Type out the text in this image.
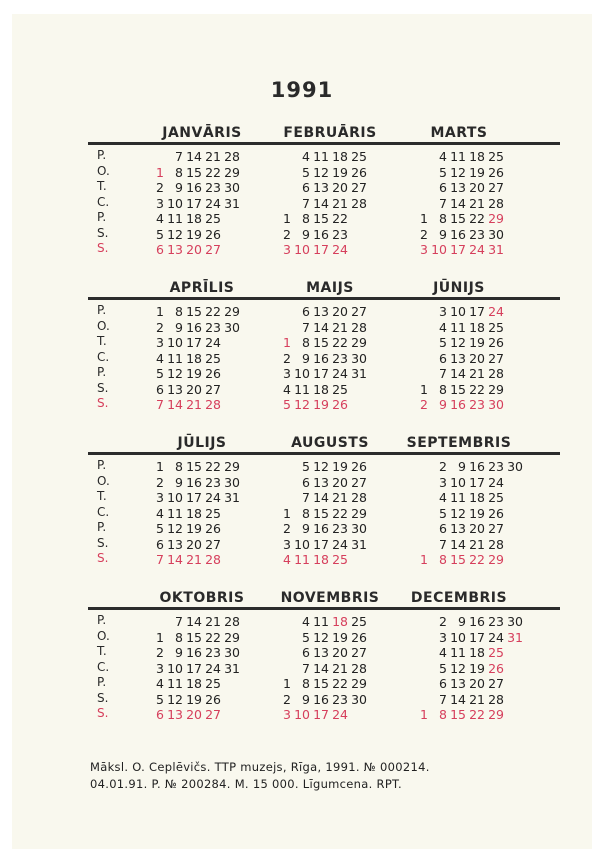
1991
P.
O.
T.
C.
P.
S.
S.
JANVĀRIS
7 14 21 28
1 8 15 22 29
2 9 16 23 30
3 10 17 24 31
4 11 18 25
5 12 19 26
6 13 20 27
FEBRUĀRIS
4 11 18 25
5 12 19 26
6 13 20 27
7 14 21 28
1 8 15 22
2 9 16 23
3 10 17 24
MARTS
4 11 18 25
5 12 19 26
6 13 20 27
7 14 21 28
1 8 15 22 29
2 9 16 23 30
3 10 17 24 31
P.
O.
T.
C.
P.
S.
S.
APRĪLIS
1 8 15 22 29
2 9 16 23 30
3 10 17 24
4 11 18 25
5 12 19 26
6 13 20 27
7 14 21 28
MAIJS
6 13 20 27
7 14 21 28
1 8 15 22 29
2 9 16 23 30
3 10 17 24 31
4 11 18 25
5 12 19 26
JŪNIJS
3 10 17 24
4 11 18 25
5 12 19 26
6 13 20 27
7 14 21 28
1 8 15 22 29
2 9 16 23 30
P.
O.
T.
C.
P.
S.
S.
JŪLIJS
1 8 15 22 29
2 9 16 23 30
3 10 17 24 31
4 11 18 25
5 12 19 26
6 13 20 27
7 14 21 28
AUGUSTS
5 12 19 26
6 13 20 27
7 14 21 28
1 8 15 22 29
2 9 16 23 30
3 10 17 24 31
4 11 18 25
SEPTEMBRIS
2 9 16 23 30
3 10 17 24
4 11 18 25
5 12 19 26
6 13 20 27
7 14 21 28
1 8 15 22 29
P.
O.
T.
C.
P.
S.
S.
OKTOBRIS
7 14 21 28
1 8 15 22 29
2 9 16 23 30
3 10 17 24 31
4 11 18 25
5 12 19 26
6 13 20 27
NOVEMBRIS
4 11 18 25
5 12 19 26
6 13 20 27
7 14 21 28
1 8 15 22 29
2 9 16 23 30
3 10 17 24
DECEMBRIS
2 9 16 23 30
3 10 17 24 31
4 11 18 25
5 12 19 26
6 13 20 27
7 14 21 28
1 8 15 22 29
Māksl. O. Ceplēvičs. TTP muzejs, Rīga, 1991. № 000214.
04.01.91. P. № 200284. M. 15 000. Līgumcena. RPT.
